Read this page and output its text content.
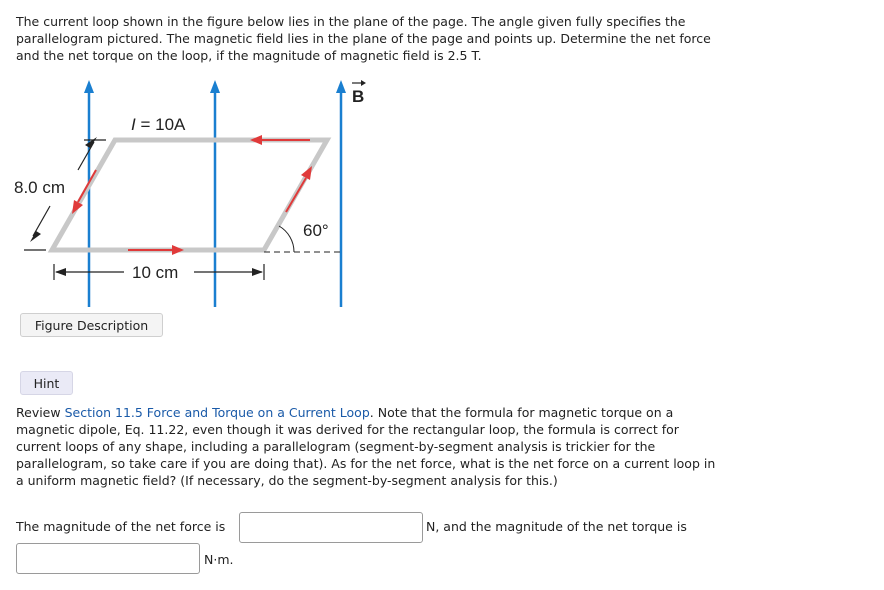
The current loop shown in the figure below lies in the plane of the page. The angle given fully specifies the parallelogram pictured. The magnetic field lies in the plane of the page and points up. Determine the net force and the net torque on the loop, if the magnitude of magnetic field is 2.5 T.
I = 10A
B
8.0 cm
10 cm
60°
Figure Description
Hint
Review Section 11.5 Force and Torque on a Current Loop. Note that the formula for magnetic torque on a magnetic dipole, Eq. 11.22, even though it was derived for the rectangular loop, the formula is correct for current loops of any shape, including a parallelogram (segment-by-segment analysis is trickier for the parallelogram, so take care if you are doing that). As for the net force, what is the net force on a current loop in a uniform magnetic field? (If necessary, do the segment-by-segment analysis for this.)
The magnitude of the net force is	N, and the magnitude of the net torque is
N·m.
